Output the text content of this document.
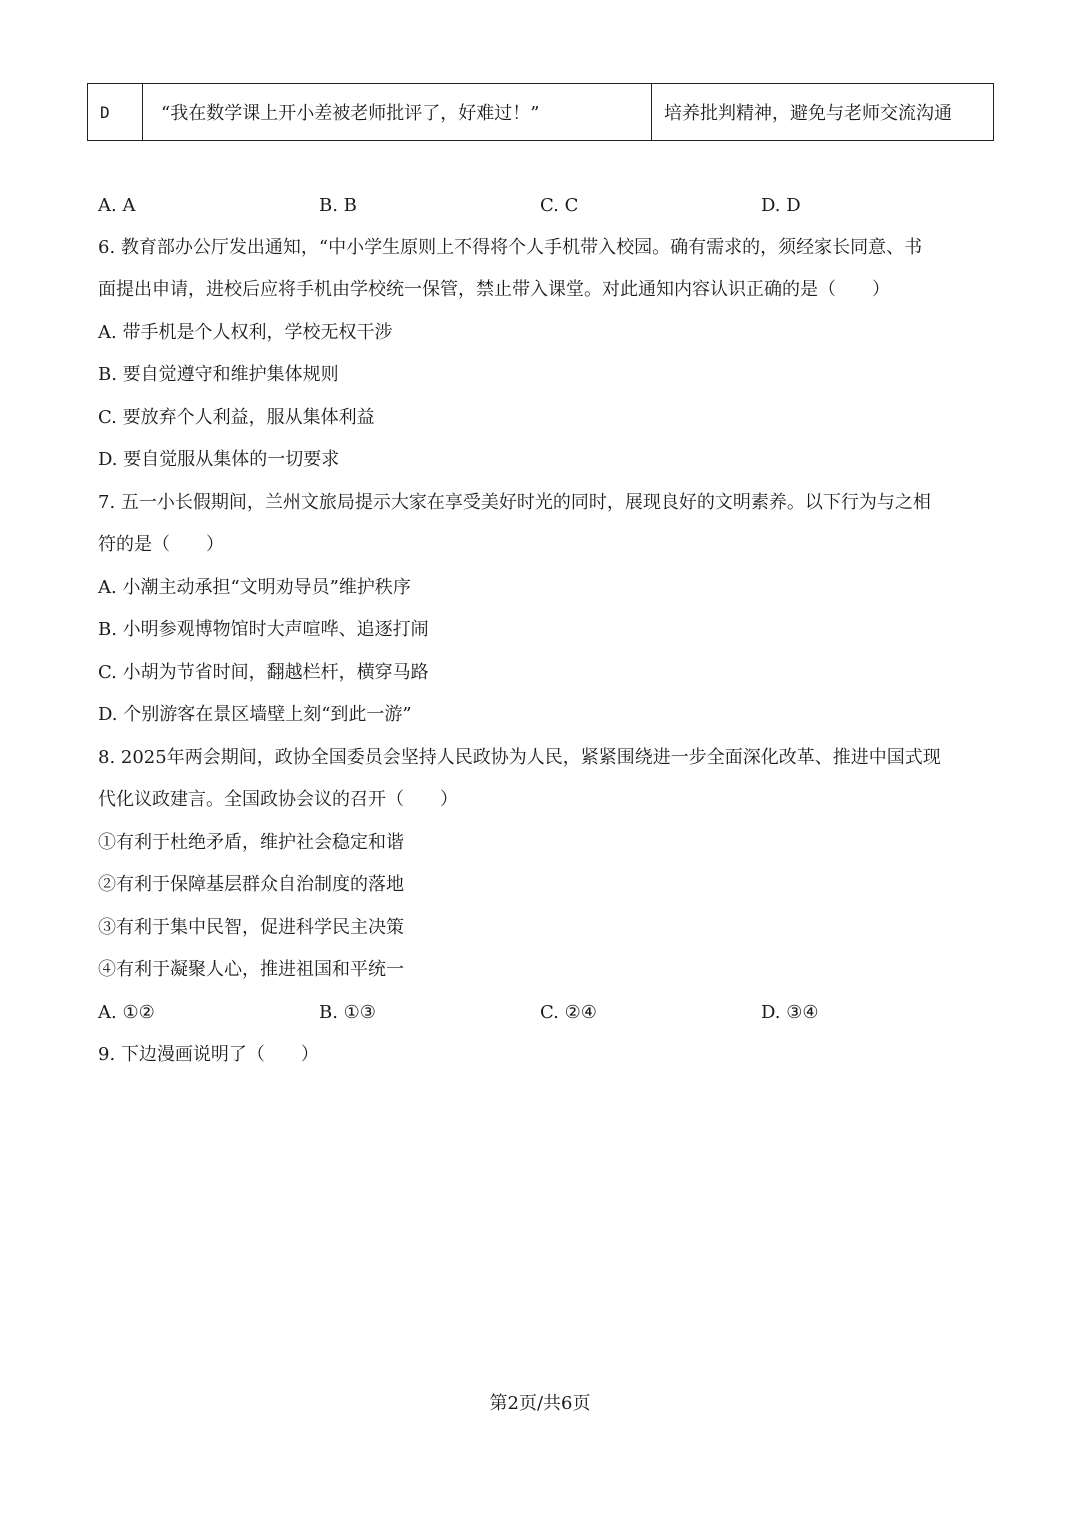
D	“我在数学课上开小差被老师批评了，好难过！”	培养批判精神，避免与老师交流沟通
A. A	B. B	C. C	D. D
6. 教育部办公厅发出通知，“中小学生原则上不得将个人手机带入校园。确有需求的，须经家长同意、书
面提出申请，进校后应将手机由学校统一保管，禁止带入课堂。对此通知内容认识正确的是（　　）
A. 带手机是个人权利，学校无权干涉
B. 要自觉遵守和维护集体规则
C. 要放弃个人利益，服从集体利益
D. 要自觉服从集体的一切要求
7. 五一小长假期间，兰州文旅局提示大家在享受美好时光的同时，展现良好的文明素养。以下行为与之相
符的是（　　）
A. 小潮主动承担“文明劝导员”维护秩序
B. 小明参观博物馆时大声喧哗、追逐打闹
C. 小胡为节省时间，翻越栏杆，横穿马路
D. 个别游客在景区墙壁上刻“到此一游”
8. 2025年两会期间，政协全国委员会坚持人民政协为人民，紧紧围绕进一步全面深化改革、推进中国式现
代化议政建言。全国政协会议的召开（　　）
①有利于杜绝矛盾，维护社会稳定和谐
②有利于保障基层群众自治制度的落地
③有利于集中民智，促进科学民主决策
④有利于凝聚人心，推进祖国和平统一
A. ①②	B. ①③	C. ②④	D. ③④
9. 下边漫画说明了（　　）
第2页/共6页
